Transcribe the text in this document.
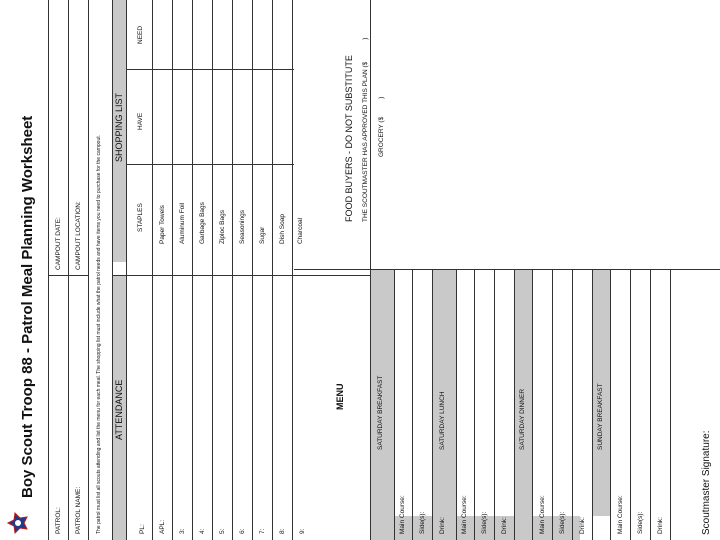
Boy Scout Troop 88 - Patrol Meal Planning Worksheet
PATROL: PATROL NAME:
CAMPOUT DATE: CAMPOUT LOCATION:	The patrol must list all scouts attending and list the menu for each meal. The shopping list must include what the patrol needs and have items you need to purchase for the campout. ATTENDANCE
SHOPPING LIST
PL: APL: 3: 4: 5: 6: 7: 8: 9:
STAPLES
HAVE
NEED
Paper Towels Aluminum Foil Garbage Bags Ziploc Bags Seasonings Sugar Dish Soap Charcoal
MENU	SATURDAY BREAKFAST
Main Course: Side(s): Drink:
SATURDAY LUNCH
Main Course: Side(s): Drink:
SATURDAY DINNER
Main Course: Side(s): Drink:
SUNDAY BREAKFAST
Main Course: Side(s): Drink:
FOOD BUYERS - DO NOT SUBSTITUTE THE SCOUTMASTER HAS APPROVED THIS PLAN ($)
GROCERY ($)
Scoutmaster Signature:
